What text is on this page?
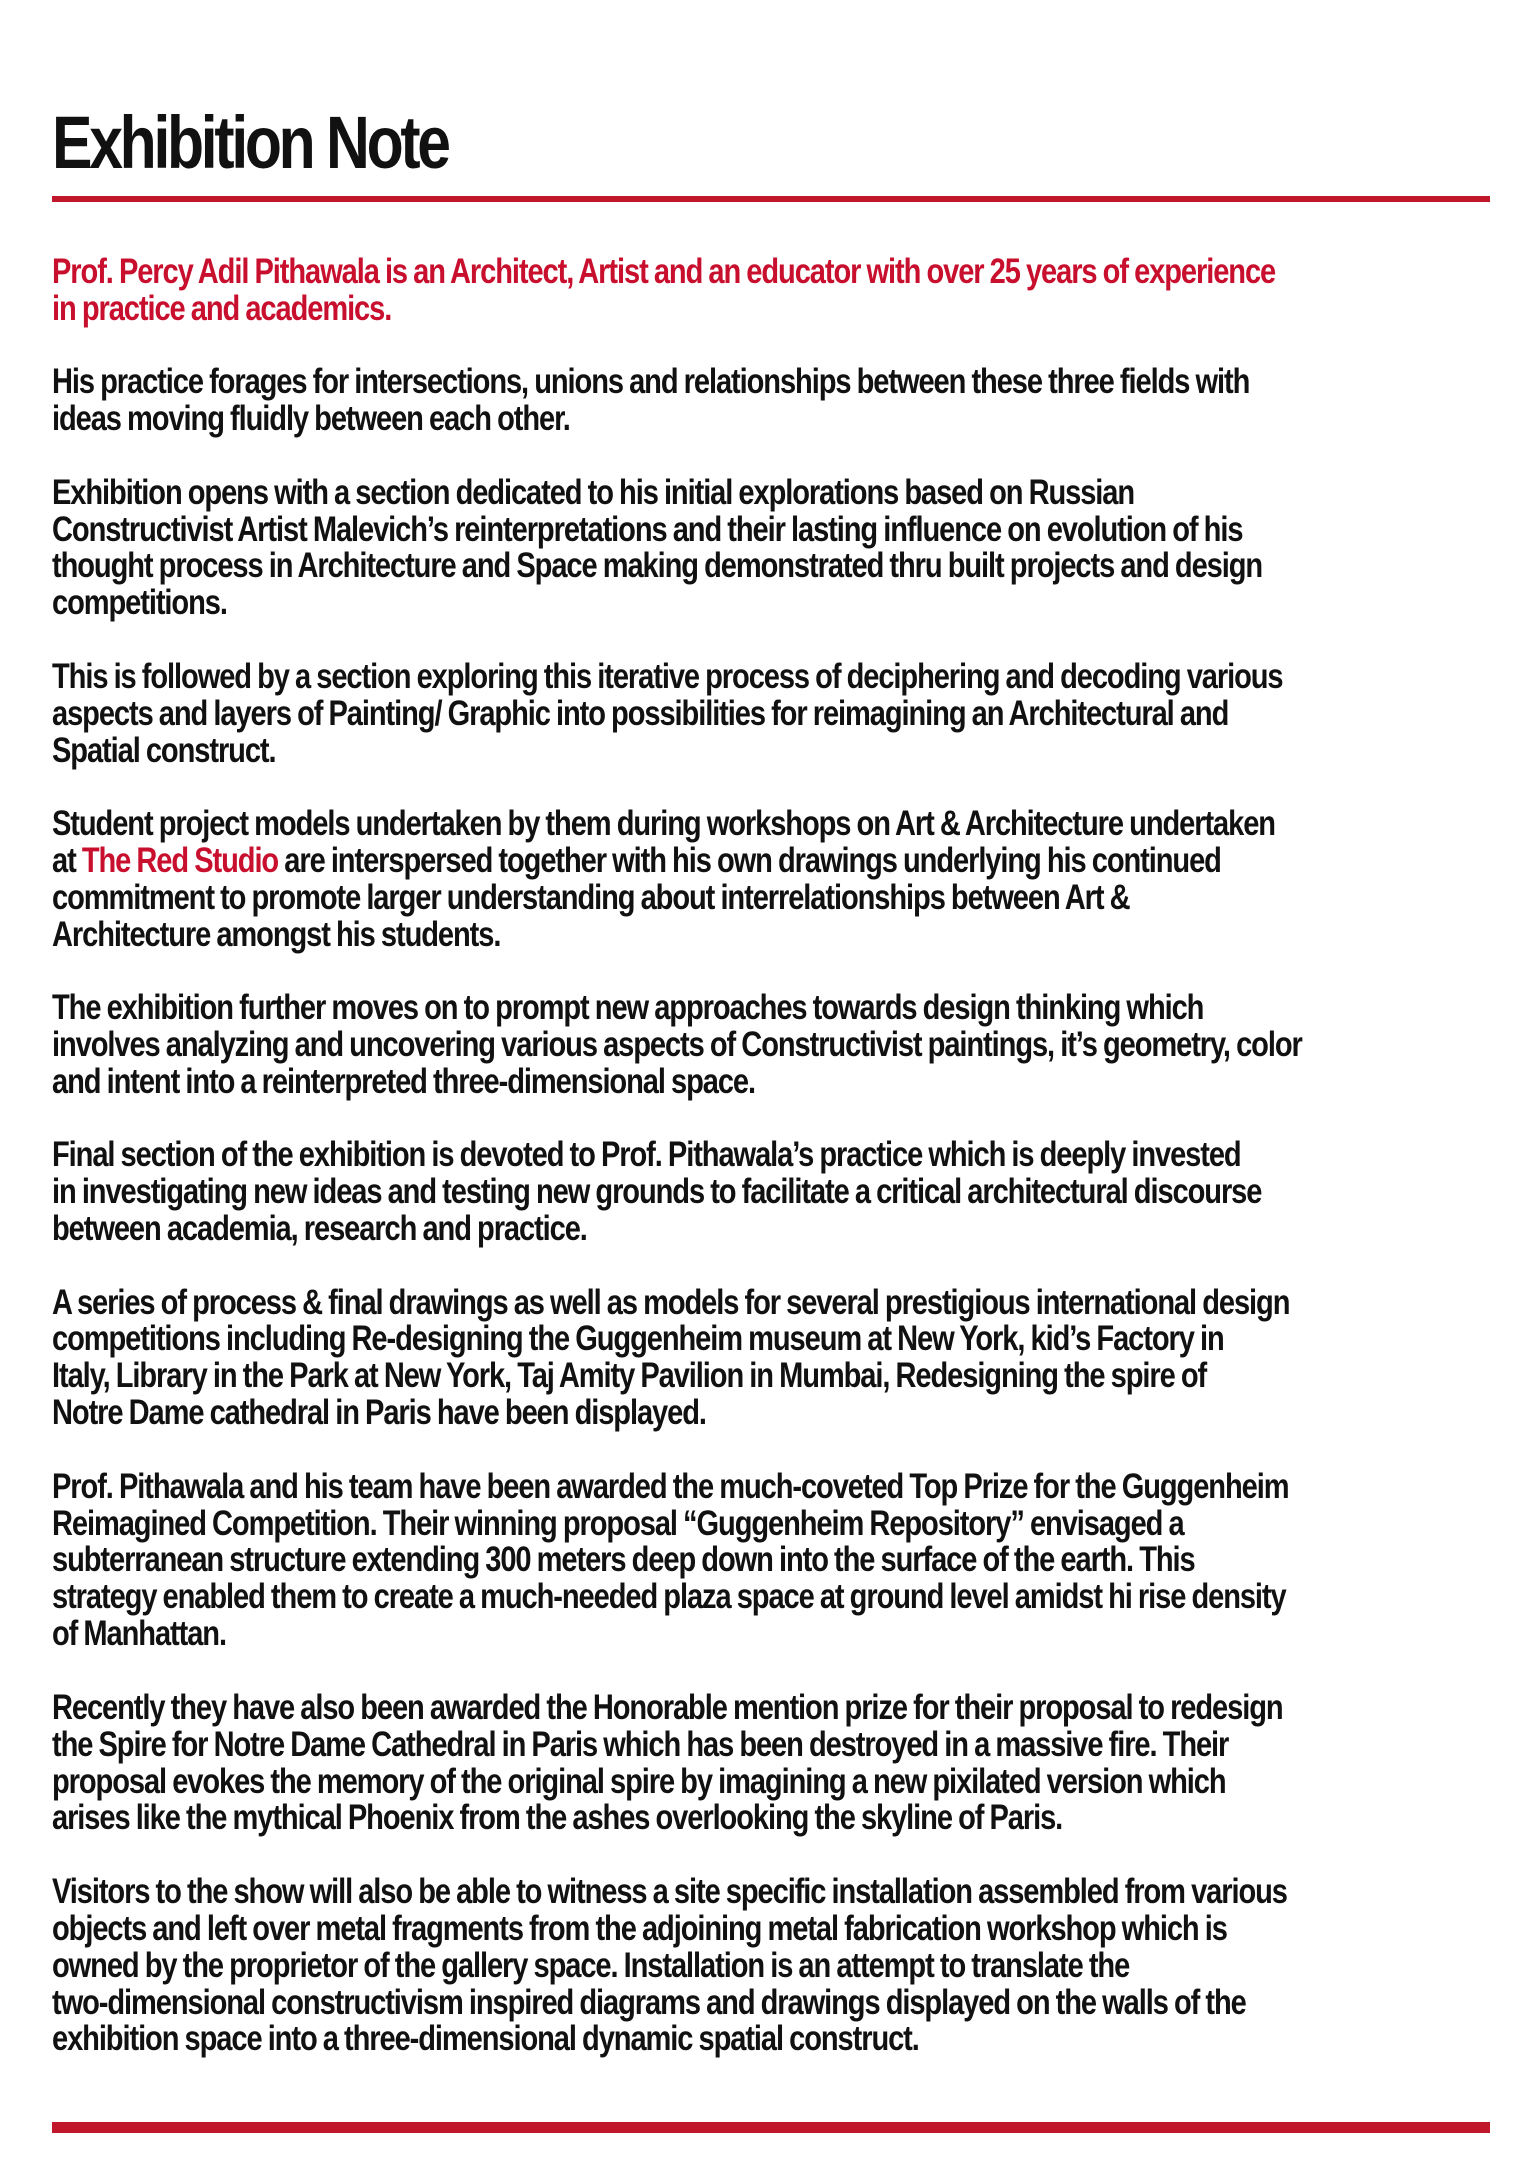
Exhibition Note

Prof. Percy Adil Pithawala is an Architect, Artist and an educator with over 25 years of experience
in practice and academics.

His practice forages for intersections, unions and relationships between these three fields with
ideas moving fluidly between each other.

Exhibition opens with a section dedicated to his initial explorations based on Russian
Constructivist Artist Malevich’s reinterpretations and their lasting influence on evolution of his
thought process in Architecture and Space making demonstrated thru built projects and design
competitions.

This is followed by a section exploring this iterative process of deciphering and decoding various
aspects and layers of Painting/ Graphic into possibilities for reimagining an Architectural and
Spatial construct.

Student project models undertaken by them during workshops on Art & Architecture undertaken
at The Red Studio are interspersed together with his own drawings underlying his continued
commitment to promote larger understanding about interrelationships between Art &
Architecture amongst his students.

The exhibition further moves on to prompt new approaches towards design thinking which
involves analyzing and uncovering various aspects of Constructivist paintings, it’s geometry, color
and intent into a reinterpreted three-dimensional space.

Final section of the exhibition is devoted to Prof. Pithawala’s practice which is deeply invested
in investigating new ideas and testing new grounds to facilitate a critical architectural discourse
between academia, research and practice.

A series of process & final drawings as well as models for several prestigious international design
competitions including Re-designing the Guggenheim museum at New York, kid’s Factory in
Italy, Library in the Park at New York, Taj Amity Pavilion in Mumbai, Redesigning the spire of
Notre Dame cathedral in Paris have been displayed.

Prof. Pithawala and his team have been awarded the much-coveted Top Prize for the Guggenheim
Reimagined Competition. Their winning proposal “Guggenheim Repository” envisaged a
subterranean structure extending 300 meters deep down into the surface of the earth. This
strategy enabled them to create a much-needed plaza space at ground level amidst hi rise density
of Manhattan.

Recently they have also been awarded the Honorable mention prize for their proposal to redesign
the Spire for Notre Dame Cathedral in Paris which has been destroyed in a massive fire. Their
proposal evokes the memory of the original spire by imagining a new pixilated version which
arises like the mythical Phoenix from the ashes overlooking the skyline of Paris.

Visitors to the show will also be able to witness a site specific installation assembled from various
objects and left over metal fragments from the adjoining metal fabrication workshop which is
owned by the proprietor of the gallery space. Installation is an attempt to translate the
two-dimensional constructivism inspired diagrams and drawings displayed on the walls of the
exhibition space into a three-dimensional dynamic spatial construct.
